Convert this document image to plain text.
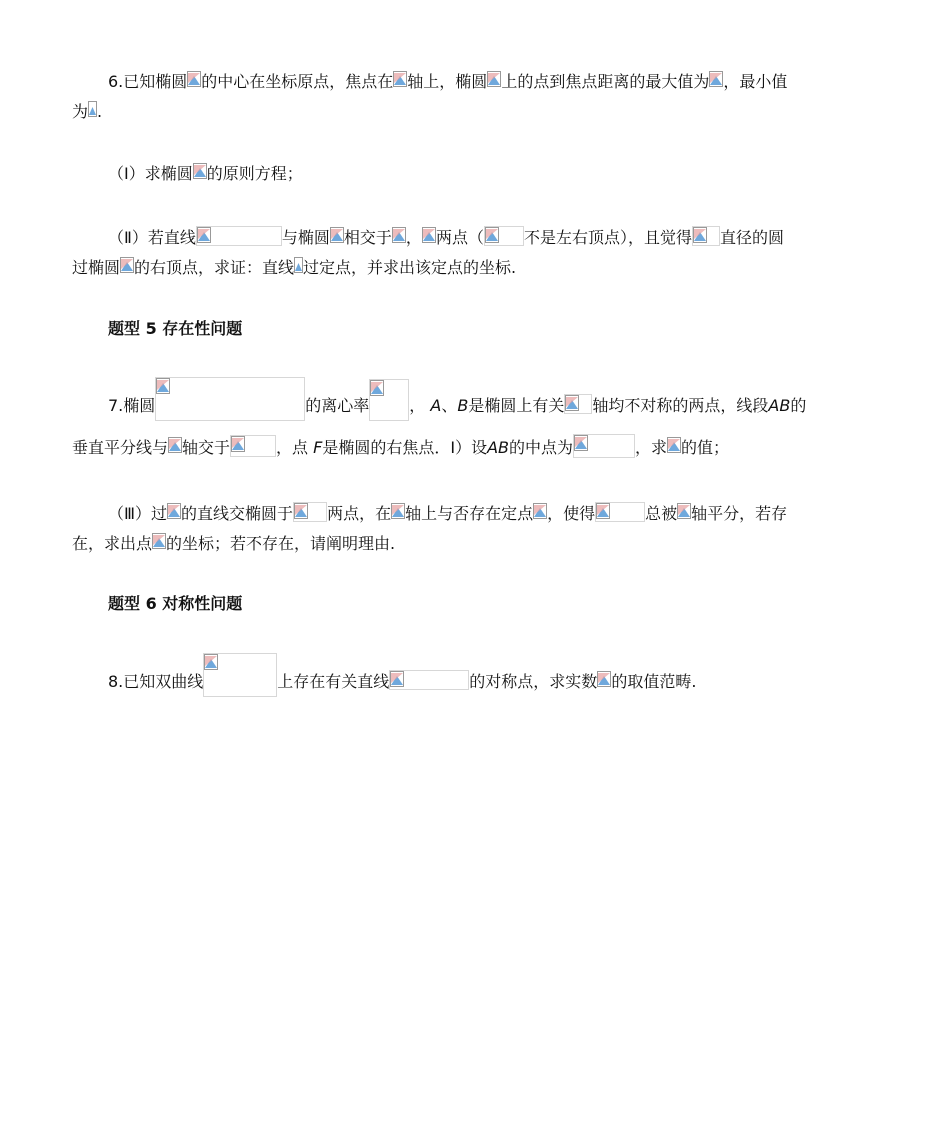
6.已知椭圆 的中心在坐标原点，焦点在 轴上，椭圆 上的点到焦点距离的最大值为 ，最小值
为 .
（Ⅰ）求椭圆 的原则方程；
（Ⅱ）若直线	与椭圆 相交于 ， 两点（	不是左右顶点），且觉得 直径的圆
过椭圆 的右顶点，求证：直线 过定点，并求出该定点的坐标.
题型 5 存在性问题
7.椭圆	的离心率	， A、B是椭圆上有关 轴均不对称的两点，线段AB的
垂直平分线与 轴交于	，点 F是椭圆的右焦点．Ⅰ）设AB的中点为	，求 的值；
（Ⅲ）过 的直线交椭圆于 两点，在 轴上与否存在定点 ，使得	总被 轴平分，若存
在，求出点 的坐标；若不存在，请阐明理由.
题型 6 对称性问题
8.已知双曲线	上存在有关直线	的对称点，求实数 的取值范畴.
